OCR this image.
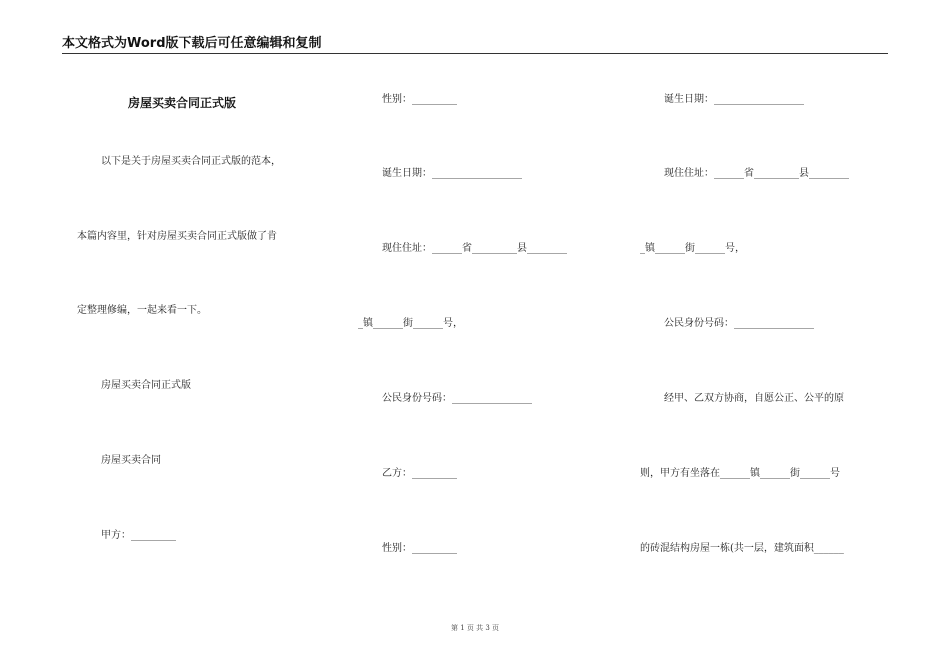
本文格式为Word版下载后可任意编辑和复制
房屋买卖合同正式版
以下是关于房屋买卖合同正式版的范本，
本篇内容里，针对房屋买卖合同正式版做了肯
定整理修编，一起来看一下。
房屋买卖合同正式版
房屋买卖合同
甲方：_________
性别：_________
诞生日期：__________________
现住住址：______省_________县________
_镇______街______号，
公民身份号码：________________
乙方：_________
性别：_________
诞生日期：__________________
现住住址：______省_________县________
_镇______街______号，
公民身份号码：________________
经甲、乙双方协商，自愿公正、公平的原
则，甲方有坐落在______镇______街______号
的砖混结构房屋一栋(共一层，建筑面积______
第 1 页 共 3 页
